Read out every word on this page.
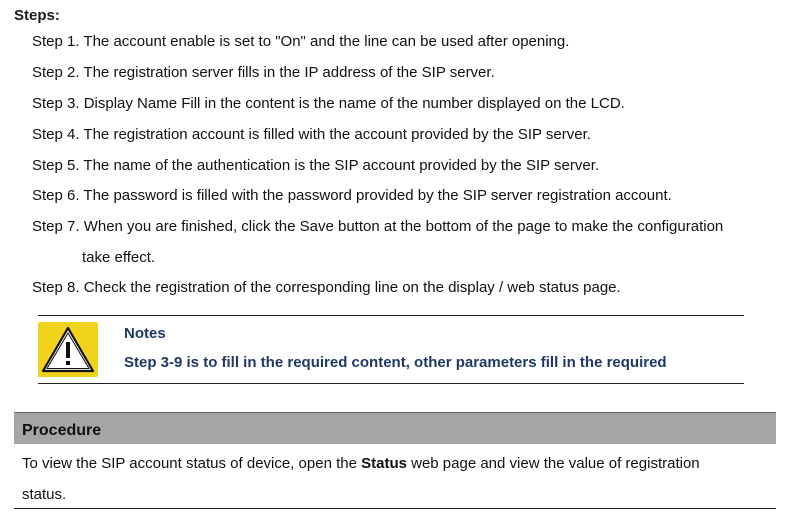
Steps:
Step 1. The account enable is set to "On" and the line can be used after opening.
Step 2. The registration server fills in the IP address of the SIP server.
Step 3. Display Name Fill in the content is the name of the number displayed on the LCD.
Step 4. The registration account is filled with the account provided by the SIP server.
Step 5. The name of the authentication is the SIP account provided by the SIP server.
Step 6. The password is filled with the password provided by the SIP server registration account.
Step 7. When you are finished, click the Save button at the bottom of the page to make the configuration
take effect.
Step 8. Check the registration of the corresponding line on the display / web status page.
Notes
Step 3-9 is to fill in the required content, other parameters fill in the required
Procedure
To view the SIP account status of device, open the Status web page and view the value of registration
status.
